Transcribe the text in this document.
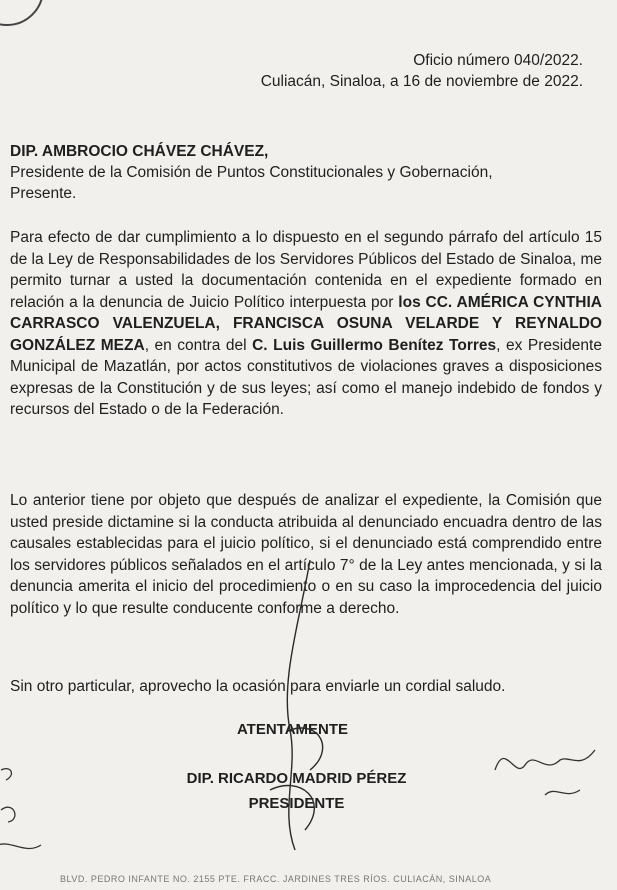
Oficio número 040/2022.
Culiacán, Sinaloa, a 16 de noviembre de 2022.
DIP. AMBROCIO CHÁVEZ CHÁVEZ,
Presidente de la Comisión de Puntos Constitucionales y Gobernación,
Presente.
Para efecto de dar cumplimiento a lo dispuesto en el segundo párrafo del artículo 15 de la Ley de Responsabilidades de los Servidores Públicos del Estado de Sinaloa, me permito turnar a usted la documentación contenida en el expediente formado en relación a la denuncia de Juicio Político interpuesta por los CC. AMÉRICA CYNTHIA CARRASCO VALENZUELA, FRANCISCA OSUNA VELARDE Y REYNALDO GONZÁLEZ MEZA, en contra del C. Luis Guillermo Benítez Torres, ex Presidente Municipal de Mazatlán, por actos constitutivos de violaciones graves a disposiciones expresas de la Constitución y de sus leyes; así como el manejo indebido de fondos y recursos del Estado o de la Federación.
Lo anterior tiene por objeto que después de analizar el expediente, la Comisión que usted preside dictamine si la conducta atribuida al denunciado encuadra dentro de las causales establecidas para el juicio político, si el denunciado está comprendido entre los servidores públicos señalados en el artículo 7° de la Ley antes mencionada, y si la denuncia amerita el inicio del procedimiento o en su caso la improcedencia del juicio político y lo que resulte conducente conforme a derecho.
Sin otro particular, aprovecho la ocasión para enviarle un cordial saludo.
ATENTAMENTE
DIP. RICARDO MADRID PÉREZ
PRESIDENTE
BLVD. PEDRO INFANTE NO. 2155 PTE. FRACC. JARDINES TRES RÍOS. CULIACÁN, SINALOA
